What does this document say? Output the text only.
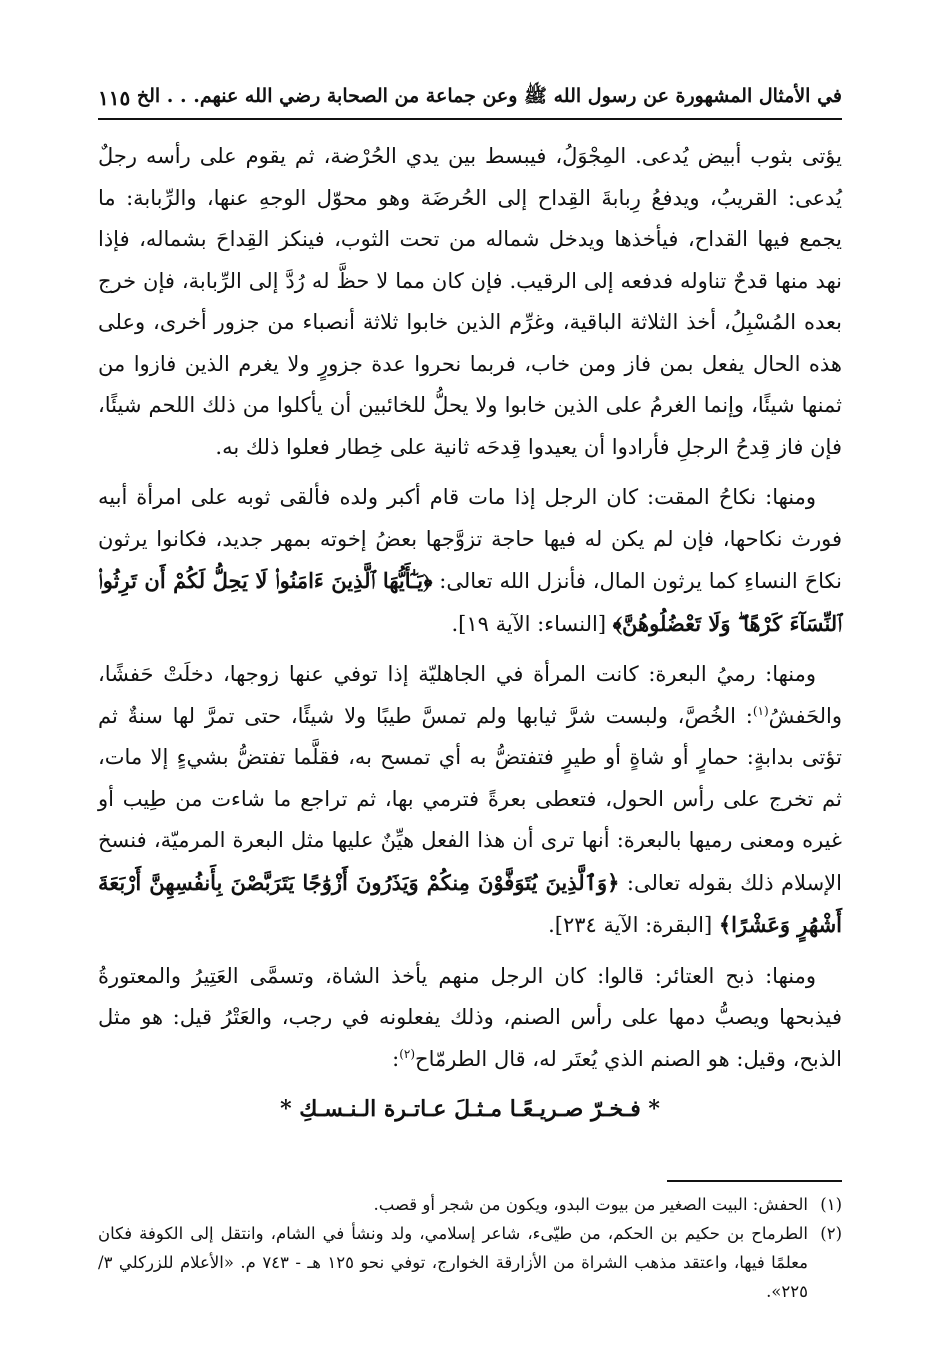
في الأمثال المشهورة عن رسول الله ﷺ وعن جماعة من الصحابة رضي الله عنهم. . . الخ
١١٥

يؤتى بثوب أبيض يُدعى. المِجْوَلُ، فيبسط بين يدي الحُرْضة، ثم يقوم على رأسه رجلٌ يُدعى: القريبُ، ويدفعُ رِبابةَ القِداح إلى الحُرضَة وهو محوّل الوجهِ عنها، والرِّبابة: ما يجمع فيها القداح، فيأخذها ويدخل شماله من تحت الثوب، فينكز القِداحَ بشماله، فإذا نهد منها قدحٌ تناوله فدفعه إلى الرقيب. فإن كان مما لا حظَّ له رُدَّ إلى الرِّبابة، فإن خرج بعده المُسْبِلُ، أخذ الثلاثة الباقية، وغرِّم الذين خابوا ثلاثة أنصباء من جزور أخرى، وعلى هذه الحال يفعل بمن فاز ومن خاب، فربما نحروا عدة جزورٍ ولا يغرم الذين فازوا من ثمنها شيئًا، وإنما الغرمُ على الذين خابوا ولا يحلُّ للخائبين أن يأكلوا من ذلك اللحم شيئًا، فإن فاز قِدحُ الرجلِ فأرادوا أن يعيدوا قِدحَه ثانية على خِطار فعلوا ذلك به.

ومنها: نكاحُ المقت: كان الرجل إذا مات قام أكبر ولده فألقى ثوبه على امرأة أبيه فورث نكاحها، فإن لم يكن له فيها حاجة تزوَّجها بعضُ إخوته بمهر جديد، فكانوا يرثون نكاحَ النساءِ كما يرثون المال، فأنزل الله تعالى: ﴿يَـٰٓأَيُّهَا ٱلَّذِينَ ءَامَنُوا۟ لَا يَحِلُّ لَكُمْ أَن تَرِثُوا۟ ٱلنِّسَآءَ كَرْهًا ۖ وَلَا تَعْضُلُوهُنَّ﴾ [النساء: الآية ١٩].

ومنها: رميُ البعرة: كانت المرأة في الجاهليّة إذا توفي عنها زوجها، دخلَتْ حَفشًا، والحَفشُ$^{(١)}$: الخُصَّ، ولبست شرَّ ثيابها ولم تمسَّ طيبًا ولا شيئًا، حتى تمرَّ لها سنةٌ ثم تؤتى بدابةٍ: حمارٍ أو شاةٍ أو طيرٍ فتفتضُّ به أي تمسح به، فقلَّما تفتضُّ بشيءٍ إلا مات، ثم تخرج على رأس الحول، فتعطى بعرةً فترمي بها، ثم تراجع ما شاءت من طِيب أو غيره ومعنى رميها بالبعرة: أنها ترى أن هذا الفعل هيِّنٌ عليها مثل البعرة المرميّة، فنسخ الإسلام ذلك بقوله تعالى: ﴿وَٱلَّذِينَ يُتَوَفَّوْنَ مِنكُمْ وَيَذَرُونَ أَزْوَٰجًا يَتَرَبَّصْنَ بِأَنفُسِهِنَّ أَرْبَعَةَ أَشْهُرٍ وَعَشْرًا﴾ [البقرة: الآية ٢٣٤].

ومنها: ذبح العتائر: قالوا: كان الرجل منهم يأخذ الشاة، وتسمَّى العَتِيرُ والمعتورةُ فيذبحها ويصبُّ دمها على رأس الصنم، وذلك يفعلونه في رجب، والعَتْرُ قيل: هو مثل الذبح، وقيل: هو الصنم الذي يُعتَر له، قال الطرمّاح$^{(٢)}$:

* فـخـرّ صـريـعًـا مـثـلَ عـاتـرة الـنـسـكِ *
(١)
الحفش: البيت الصغير من بيوت البدو، ويكون من شجر أو قصب.
(٢)
الطرماح بن حكيم بن الحكم، من طيّىء، شاعر إسلامي، ولد ونشأ في الشام، وانتقل إلى الكوفة فكان معلمًا فيها، واعتقد مذهب الشراة من الأزارقة الخوارج، توفي نحو ١٢٥ هـ - ٧٤٣ م. «الأعلام للزركلي ٣/ ٢٢٥».
